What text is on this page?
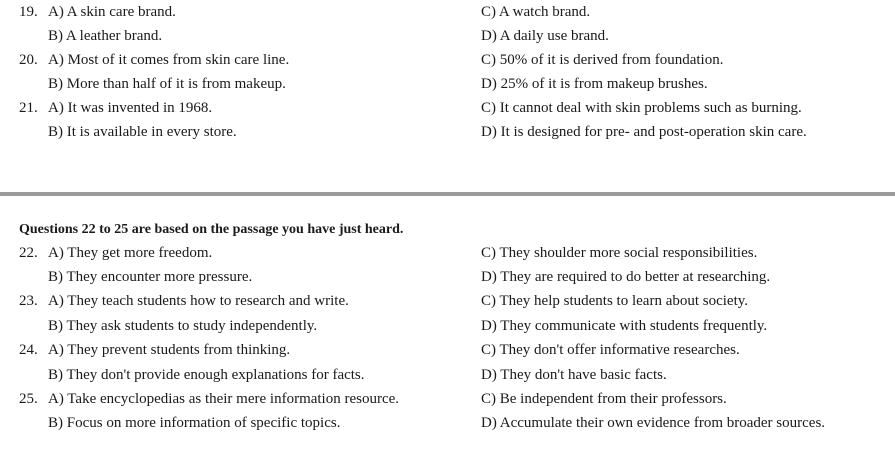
19. A) A skin care brand.	C) A watch brand.
B) A leather brand.	D) A daily use brand.
20. A) Most of it comes from skin care line.	C) 50% of it is derived from foundation.
B) More than half of it is from makeup.	D) 25% of it is from makeup brushes.
21. A) It was invented in 1968.	C) It cannot deal with skin problems such as burning.
B) It is available in every store.	D) It is designed for pre- and post-operation skin care.
Questions 22 to 25 are based on the passage you have just heard.
22. A) They get more freedom.	C) They shoulder more social responsibilities.
B) They encounter more pressure.	D) They are required to do better at researching.
23. A) They teach students how to research and write.	C) They help students to learn about society.
B) They ask students to study independently.	D) They communicate with students frequently.
24. A) They prevent students from thinking.	C) They don't offer informative researches.
B) They don't provide enough explanations for facts.	D) They don't have basic facts.
25. A) Take encyclopedias as their mere information resource.	C) Be independent from their professors.
B) Focus on more information of specific topics.	D) Accumulate their own evidence from broader sources.
